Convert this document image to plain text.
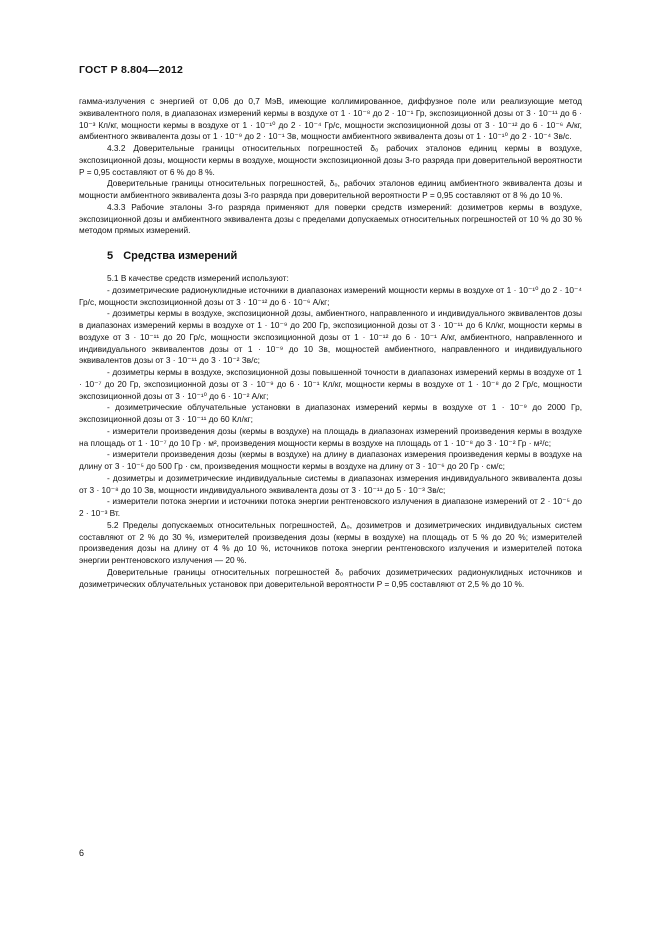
ГОСТ Р 8.804—2012

гамма-излучения с энергией от 0,06 до 0,7 МэВ, имеющие коллимированное, диффузное поле или реализующие метод эквивалентного поля, в диапазонах измерений кермы в воздухе от 1 · 10⁻⁸ до 2 · 10⁻¹ Гр, экспозиционной дозы от 3 · 10⁻¹¹ до 6 · 10⁻³ Кл/кг, мощности кермы в воздухе от 1 · 10⁻¹⁰ до 2 · 10⁻⁴ Гр/с, мощности экспозиционной дозы от 3 · 10⁻¹² до 6 · 10⁻⁶ А/кг, амбиентного эквивалента дозы от 1 · 10⁻⁹ до 2 · 10⁻¹ Зв, мощности амбиентного эквивалента дозы от 1 · 10⁻¹⁰ до 2 · 10⁻⁴ Зв/с.

4.3.2 Доверительные границы относительных погрешностей δ₀ рабочих эталонов единиц кермы в воздухе, экспозиционной дозы, мощности кермы в воздухе, мощности экспозиционной дозы 3-го разряда при доверительной вероятности P = 0,95 составляют от 6 % до 8 %.

Доверительные границы относительных погрешностей, δ₀, рабочих эталонов единиц амбиентного эквивалента дозы и мощности амбиентного эквивалента дозы 3-го разряда при доверительной вероятности P = 0,95 составляют от 8 % до 10 %.

4.3.3 Рабочие эталоны 3-го разряда применяют для поверки средств измерений: дозиметров кермы в воздухе, экспозиционной дозы и амбиентного эквивалента дозы с пределами допускаемых относительных погрешностей от 10 % до 30 % методом прямых измерений.

5 Средства измерений

5.1 В качестве средств измерений используют:

- дозиметрические радионуклидные источники в диапазонах измерений мощности кермы в воздухе от 1 · 10⁻¹⁰ до 2 · 10⁻⁴ Гр/с, мощности экспозиционной дозы от 3 · 10⁻¹² до 6 · 10⁻⁶ А/кг;

- дозиметры кермы в воздухе, экспозиционной дозы, амбиентного, направленного и индивидуального эквивалентов дозы в диапазонах измерений кермы в воздухе от 1 · 10⁻⁹ до 200 Гр, экспозиционной дозы от 3 · 10⁻¹¹ до 6 Кл/кг, мощности кермы в воздухе от 3 · 10⁻¹¹ до 20 Гр/с, мощности экспозиционной дозы от 1 · 10⁻¹² до 6 · 10⁻¹ А/кг, амбиентного, направленного и индивидуального эквивалентов дозы от 1 · 10⁻⁹ до 10 Зв, мощностей амбиентного, направленного и индивидуального эквивалентов дозы от 3 · 10⁻¹¹ до 3 · 10⁻² Зв/с;

- дозиметры кермы в воздухе, экспозиционной дозы повышенной точности в диапазонах измерений кермы в воздухе от 1 · 10⁻⁷ до 20 Гр, экспозиционной дозы от 3 · 10⁻⁹ до 6 · 10⁻¹ Кл/кг, мощности кермы в воздухе от 1 · 10⁻⁸ до 2 Гр/с, мощности экспозиционной дозы от 3 · 10⁻¹⁰ до 6 · 10⁻² А/кг;

- дозиметрические облучательные установки в диапазонах измерений кермы в воздухе от 1 · 10⁻⁹ до 2000 Гр, экспозиционной дозы от 3 · 10⁻¹¹ до 60 Кл/кг;

- измерители произведения дозы (кермы в воздухе) на площадь в диапазонах измерений произведения кермы в воздухе на площадь от 1 · 10⁻⁷ до 10 Гр · м², произведения мощности кермы в воздухе на площадь от 1 · 10⁻⁸ до 3 · 10⁻² Гр · м²/с;

- измерители произведения дозы (кермы в воздухе) на длину в диапазонах измерения произведения кермы в воздухе на длину от 3 · 10⁻⁵ до 500 Гр · см, произведения мощности кермы в воздухе на длину от 3 · 10⁻⁶ до 20 Гр · см/с;

- дозиметры и дозиметрические индивидуальные системы в диапазонах измерения индивидуального эквивалента дозы от 3 · 10⁻⁸ до 10 Зв, мощности индивидуального эквивалента дозы от 3 · 10⁻¹¹ до 5 · 10⁻³ Зв/с;

- измерители потока энергии и источники потока энергии рентгеновского излучения в диапазоне измерений от 2 · 10⁻⁵ до 2 · 10⁻³ Вт.

5.2 Пределы допускаемых относительных погрешностей, Δ₀, дозиметров и дозиметрических индивидуальных систем составляют от 2 % до 30 %, измерителей произведения дозы (кермы в воздухе) на площадь от 5 % до 20 %; измерителей произведения дозы на длину от 4 % до 10 %, источников потока энергии рентгеновского излучения и измерителей потока энергии рентгеновского излучения — 20 %.

Доверительные границы относительных погрешностей δ₀ рабочих дозиметрических радионуклидных источников и дозиметрических облучательных установок при доверительной вероятности P = 0,95 составляют от 2,5 % до 10 %.

6
